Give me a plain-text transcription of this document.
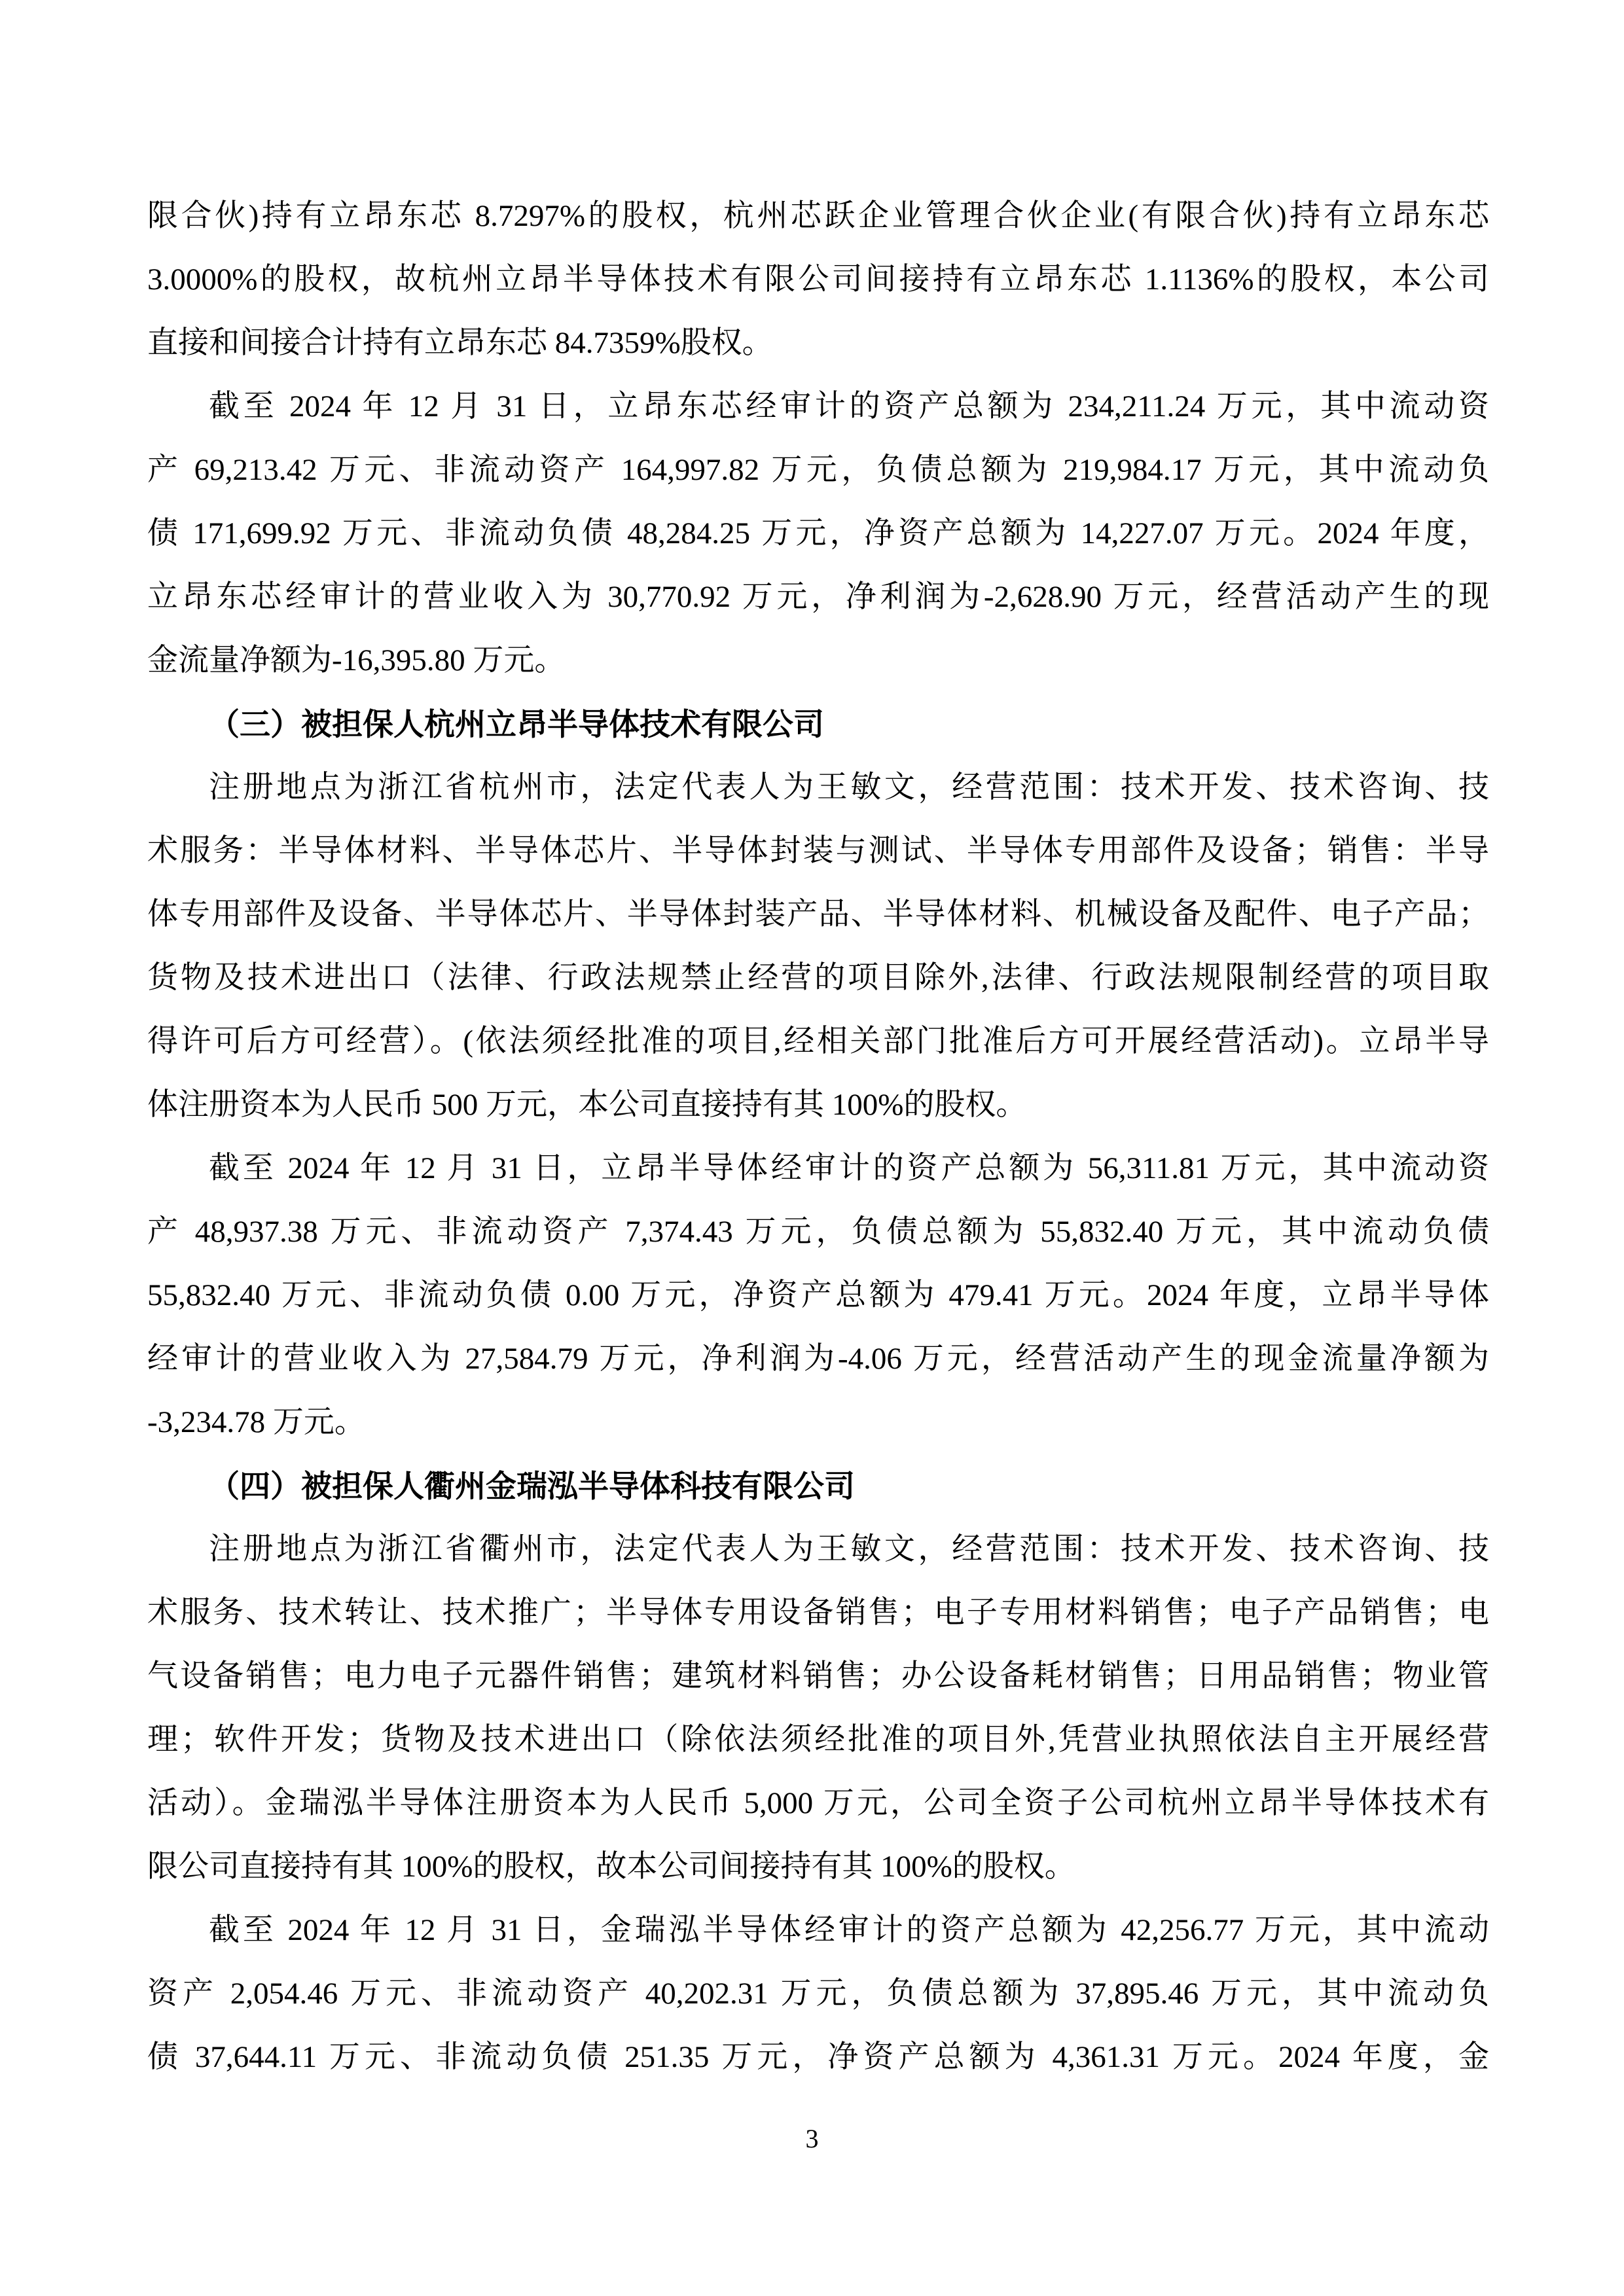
限合伙)持有立昂东芯 8.7297%的股权，杭州芯跃企业管理合伙企业(有限合伙)持有立昂东芯
3.0000%的股权，故杭州立昂半导体技术有限公司间接持有立昂东芯 1.1136%的股权，本公司
直接和间接合计持有立昂东芯 84.7359%股权。
截至 2024 年 12 月 31 日，立昂东芯经审计的资产总额为 234,211.24 万元，其中流动资
产 69,213.42 万元、非流动资产 164,997.82 万元，负债总额为 219,984.17 万元，其中流动负
债 171,699.92 万元、非流动负债 48,284.25 万元，净资产总额为 14,227.07 万元。2024 年度，
立昂东芯经审计的营业收入为 30,770.92 万元，净利润为-2,628.90 万元，经营活动产生的现
金流量净额为-16,395.80 万元。
（三）被担保人杭州立昂半导体技术有限公司
注册地点为浙江省杭州市，法定代表人为王敏文，经营范围：技术开发、技术咨询、技
术服务：半导体材料、半导体芯片、半导体封装与测试、半导体专用部件及设备；销售：半导
体专用部件及设备、半导体芯片、半导体封装产品、半导体材料、机械设备及配件、电子产品；
货物及技术进出口（法律、行政法规禁止经营的项目除外,法律、行政法规限制经营的项目取
得许可后方可经营）。(依法须经批准的项目,经相关部门批准后方可开展经营活动)。立昂半导
体注册资本为人民币 500 万元，本公司直接持有其 100%的股权。
截至 2024 年 12 月 31 日，立昂半导体经审计的资产总额为 56,311.81 万元，其中流动资
产 48,937.38 万元、非流动资产 7,374.43 万元，负债总额为 55,832.40 万元，其中流动负债
55,832.40 万元、非流动负债 0.00 万元，净资产总额为 479.41 万元。2024 年度，立昂半导体
经审计的营业收入为 27,584.79 万元，净利润为-4.06 万元，经营活动产生的现金流量净额为
-3,234.78 万元。
（四）被担保人衢州金瑞泓半导体科技有限公司
注册地点为浙江省衢州市，法定代表人为王敏文，经营范围：技术开发、技术咨询、技
术服务、技术转让、技术推广；半导体专用设备销售；电子专用材料销售；电子产品销售；电
气设备销售；电力电子元器件销售；建筑材料销售；办公设备耗材销售；日用品销售；物业管
理；软件开发；货物及技术进出口（除依法须经批准的项目外,凭营业执照依法自主开展经营
活动）。金瑞泓半导体注册资本为人民币 5,000 万元，公司全资子公司杭州立昂半导体技术有
限公司直接持有其 100%的股权，故本公司间接持有其 100%的股权。
截至 2024 年 12 月 31 日，金瑞泓半导体经审计的资产总额为 42,256.77 万元，其中流动
资产 2,054.46 万元、非流动资产 40,202.31 万元，负债总额为 37,895.46 万元，其中流动负
债 37,644.11 万元、非流动负债 251.35 万元，净资产总额为 4,361.31 万元。2024 年度，金
3
